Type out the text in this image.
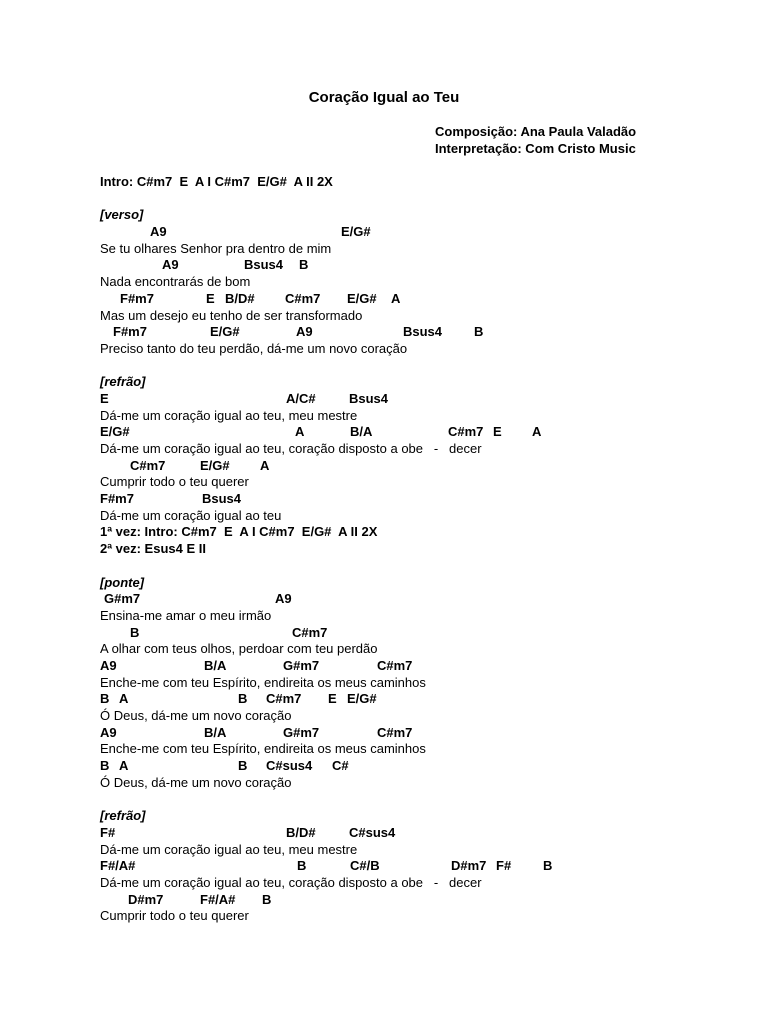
Coração Igual ao Teu
Composição: Ana Paula Valadão
Interpretação: Com Cristo Music
Intro: C#m7  E  A I C#m7  E/G#  A II 2X
[verso]
A9	E/G#
Se tu olhares Senhor pra dentro de mim
A9	Bsus4 B
Nada encontrarás de bom
F#m7	E B/D# C#m7 E/G# A
Mas um desejo eu tenho de ser transformado
F#m7	E/G#	A9	Bsus4 B
Preciso tanto do teu perdão, dá-me um novo coração
[refrão]
E	A/C#	Bsus4
Dá-me um coração igual ao teu, meu mestre
E/G#	A	B/A	C#m7 E A
Dá-me um coração igual ao teu, coração disposto a obe   -   decer
C#m7	E/G# A
Cumprir todo o teu querer
F#m7	Bsus4
Dá-me um coração igual ao teu
1ª vez: Intro: C#m7  E  A I C#m7  E/G#  A II 2X
2ª vez: Esus4 E II
[ponte]
G#m7	A9
Ensina-me amar o meu irmão
B	C#m7
A olhar com teus olhos, perdoar com teu perdão
A9	B/A	G#m7	C#m7
Enche-me com teu Espírito, endireita os meus caminhos
B A	B C#m7 E E/G#
Ó Deus, dá-me um novo coração
A9	B/A	G#m7	C#m7
Enche-me com teu Espírito, endireita os meus caminhos
B A	B C#sus4 C#
Ó Deus, dá-me um novo coração
[refrão]
F#	B/D#	C#sus4
Dá-me um coração igual ao teu, meu mestre
F#/A#	B	C#/B	D#m7 F# B
Dá-me um coração igual ao teu, coração disposto a obe   -   decer
D#m7	F#/A# B
Cumprir todo o teu querer
